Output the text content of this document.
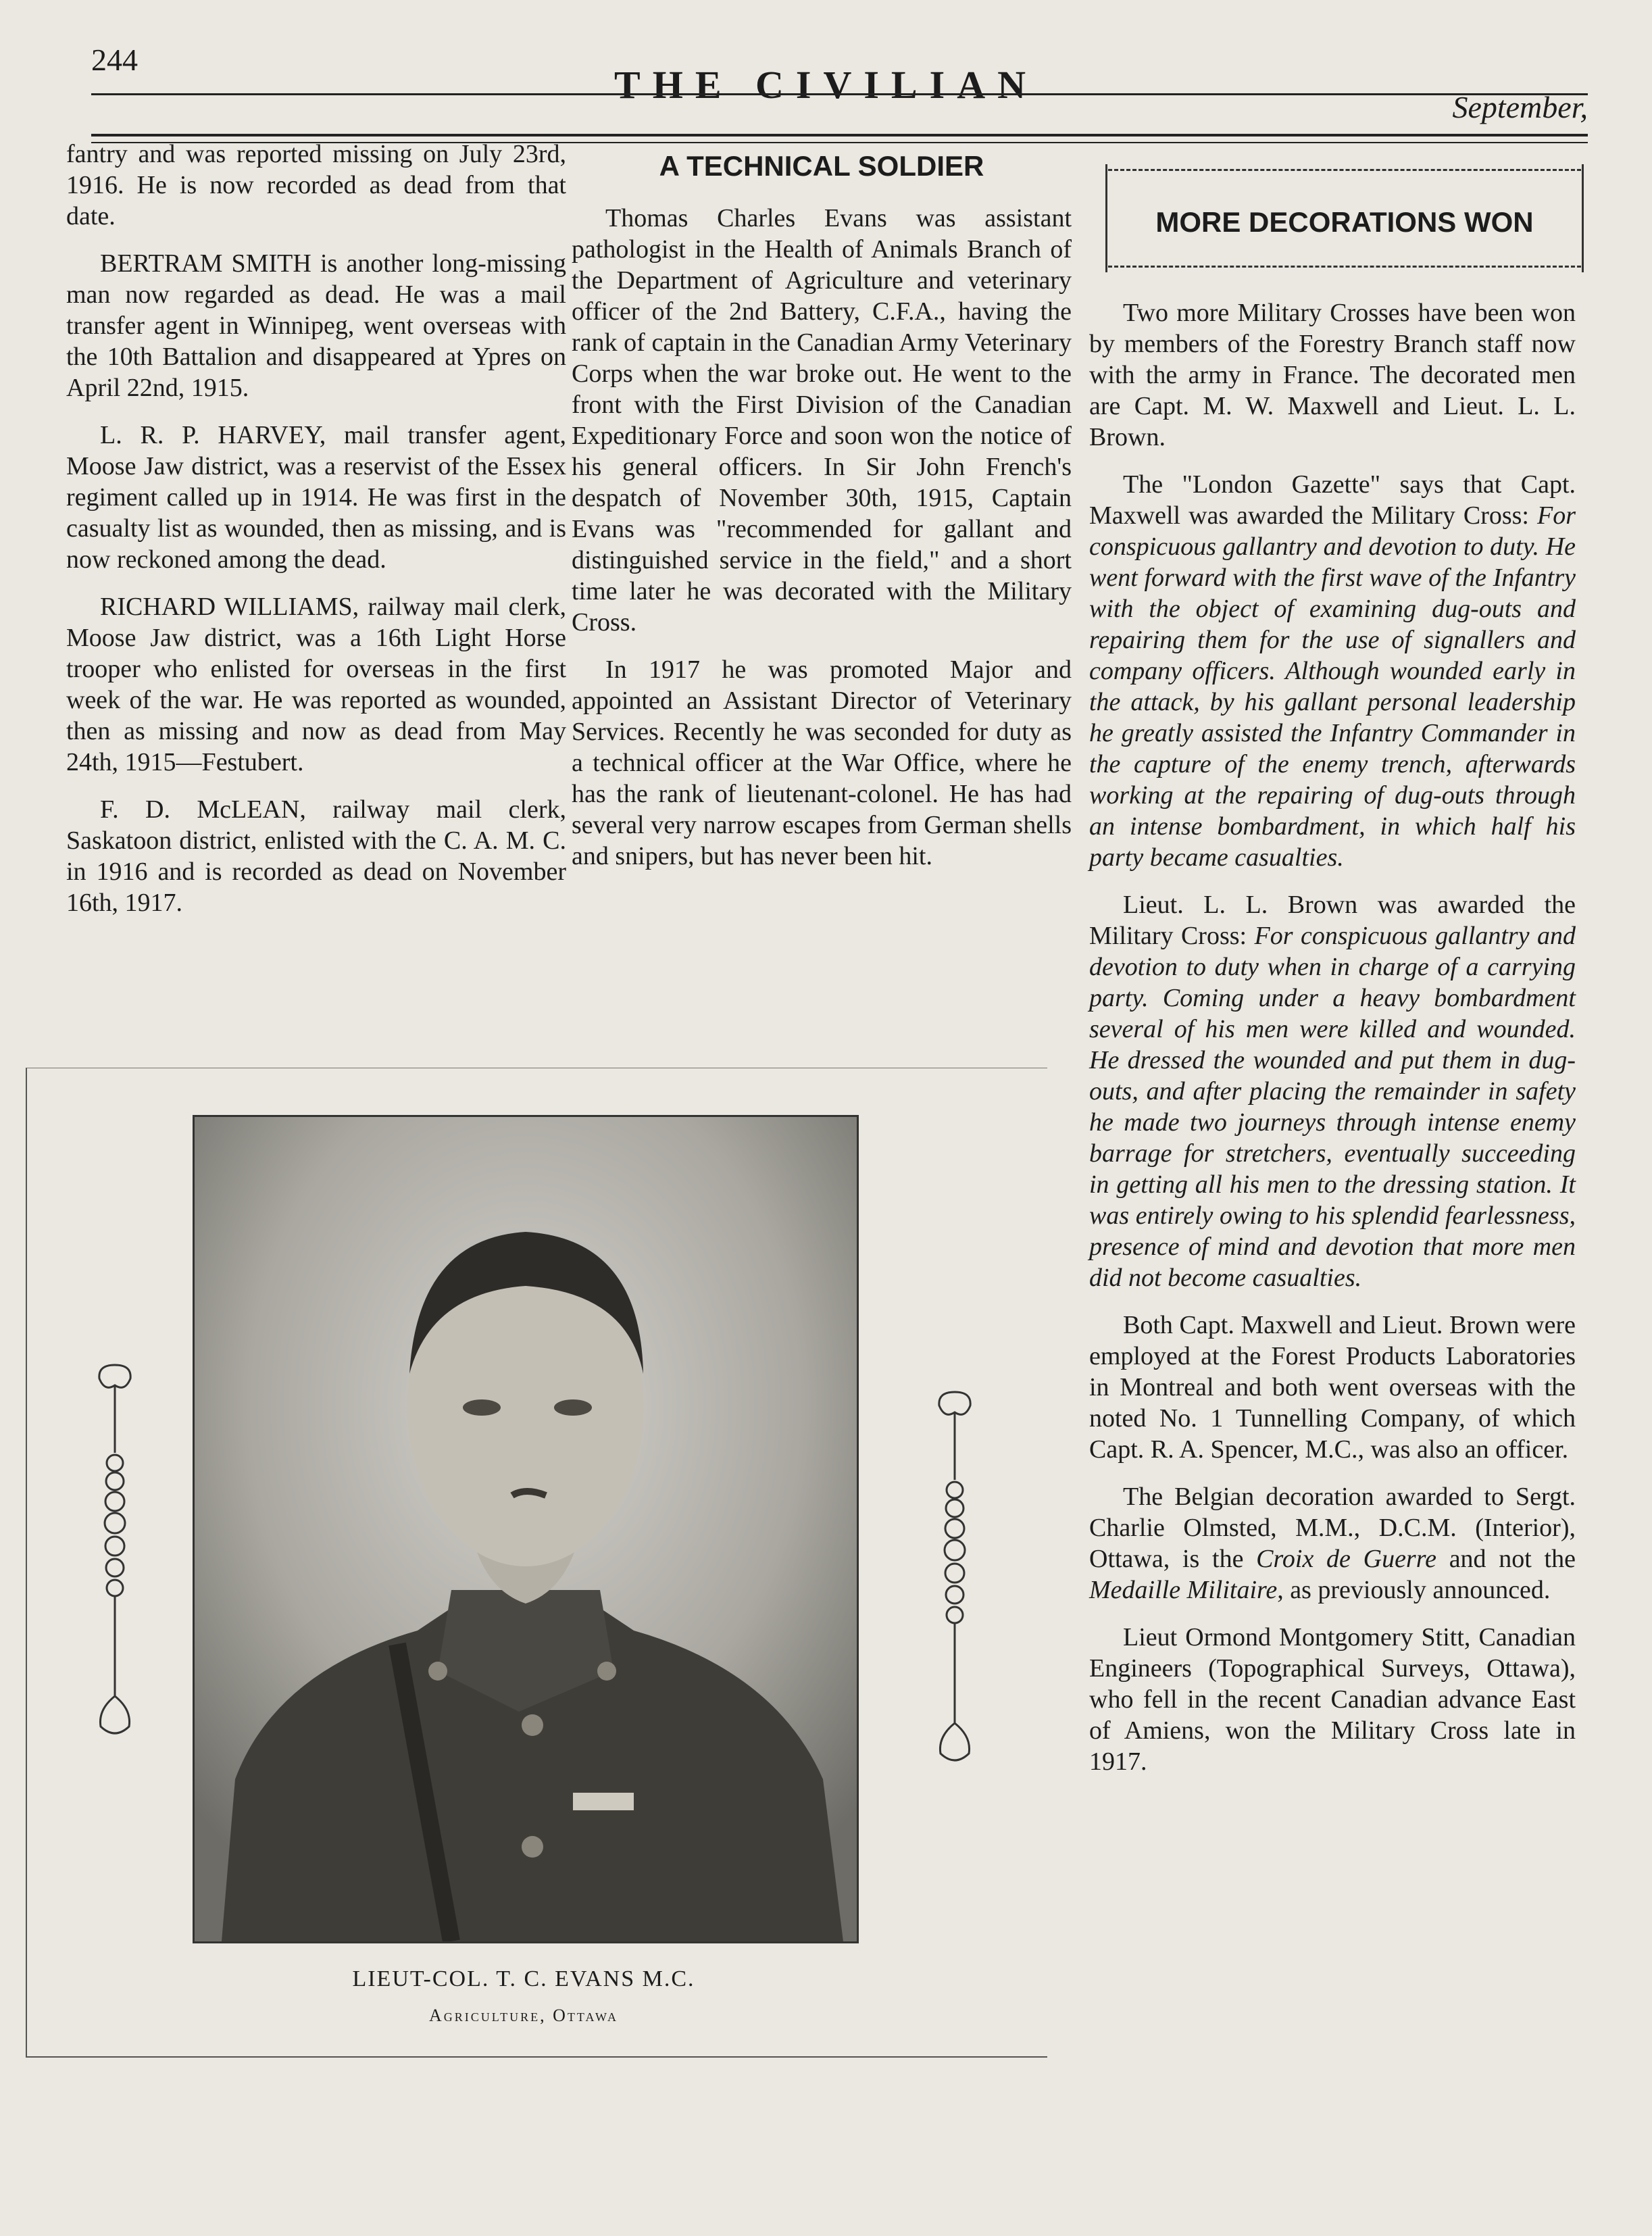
244
THE CIVILIAN
September,

fantry and was reported missing on July 23rd, 1916. He is now recorded as dead from that date.

BERTRAM SMITH is another long-missing man now regarded as dead. He was a mail transfer agent in Winnipeg, went overseas with the 10th Battalion and disappeared at Ypres on April 22nd, 1915.

L. R. P. HARVEY, mail transfer agent, Moose Jaw district, was a reservist of the Essex regiment called up in 1914. He was first in the casualty list as wounded, then as missing, and is now reckoned among the dead.

RICHARD WILLIAMS, railway mail clerk, Moose Jaw district, was a 16th Light Horse trooper who enlisted for overseas in the first week of the war. He was reported as wounded, then as missing and now as dead from May 24th, 1915—Festubert.

F. D. McLEAN, railway mail clerk, Saskatoon district, enlisted with the C. A. M. C. in 1916 and is recorded as dead on November 16th, 1917.

A TECHNICAL SOLDIER

Thomas Charles Evans was assistant pathologist in the Health of Animals Branch of the Department of Agriculture and veterinary officer of the 2nd Battery, C.F.A., having the rank of captain in the Canadian Army Veterinary Corps when the war broke out. He went to the front with the First Division of the Canadian Expeditionary Force and soon won the notice of his general officers. In Sir John French's despatch of November 30th, 1915, Captain Evans was "recommended for gallant and distinguished service in the field," and a short time later he was decorated with the Military Cross.

In 1917 he was promoted Major and appointed an Assistant Director of Veterinary Services. Recently he was seconded for duty as a technical officer at the War Office, where he has the rank of lieutenant-colonel. He has had several very narrow escapes from German shells and snipers, but has never been hit.

MORE DECORATIONS WON

Two more Military Crosses have been won by members of the Forestry Branch staff now with the army in France. The decorated men are Capt. M. W. Maxwell and Lieut. L. L. Brown.

The "London Gazette" says that Capt. Maxwell was awarded the Military Cross: For conspicuous gallantry and devotion to duty. He went forward with the first wave of the Infantry with the object of examining dug-outs and repairing them for the use of signallers and company officers. Although wounded early in the attack, by his gallant personal leadership he greatly assisted the Infantry Commander in the capture of the enemy trench, afterwards working at the repairing of dug-outs through an intense bombardment, in which half his party became casualties.

Lieut. L. L. Brown was awarded the Military Cross: For conspicuous gallantry and devotion to duty when in charge of a carrying party. Coming under a heavy bombardment several of his men were killed and wounded. He dressed the wounded and put them in dug-outs, and after placing the remainder in safety he made two journeys through intense enemy barrage for stretchers, eventually succeeding in getting all his men to the dressing station. It was entirely owing to his splendid fearlessness, presence of mind and devotion that more men did not become casualties.

Both Capt. Maxwell and Lieut. Brown were employed at the Forest Products Laboratories in Montreal and both went overseas with the noted No. 1 Tunnelling Company, of which Capt. R. A. Spencer, M.C., was also an officer.

The Belgian decoration awarded to Sergt. Charlie Olmsted, M.M., D.C.M. (Interior), Ottawa, is the Croix de Guerre and not the Medaille Militaire, as previously announced.

Lieut Ormond Montgomery Stitt, Canadian Engineers (Topographical Surveys, Ottawa), who fell in the recent Canadian advance East of Amiens, won the Military Cross late in 1917.

LIEUT-COL. T. C. EVANS M.C.
Agriculture, Ottawa
